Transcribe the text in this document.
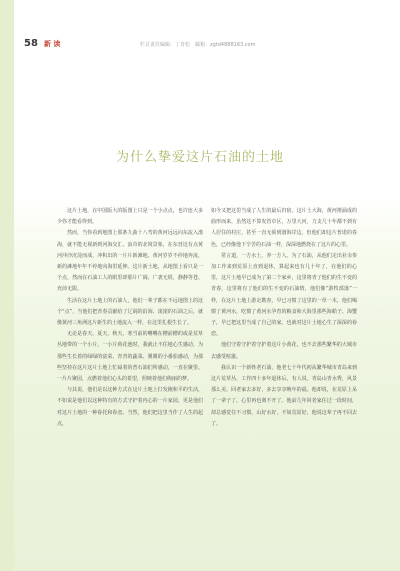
58 新 读	栏目责任编辑：丁青松　邮箱：zgtd4888163.com
为什么挚爱这片石油的土地

这片土地，在中国版大的版图上只是一个小点点，也许连大多少你才能看得到。

然而，当你看到地图上那条九曲十八弯的黄河远远向东流入渤海，就不能无视新到河海交汇、浪奇的北境景象，在东营这有点黄河冲沙沉淀而成，冲积出的一片片新滩地。黄河岁岁不停地奔流，新的滩地年年不停地向海里延伸。这片新土地，从地图上看只是一个点，然而在石油工人的眼里却那片广阔、广袤无垠，静静等苍、充沛无限。

生活在这片土地上的石油人，他们一辈子都在不远地图上的这个“点”，当他们把青春贡献给了辽阔的沿海、滚滚的石油之后，就像黄河三角洲这片新生的土地流入一样，在这里扎根生长了。

无论是春天、夏天、秋天、寒当前的嘴嘴在槽前槽的或是荒草丛地带的一个小片，一小片荷花池时，我就止不住地心生感动，为那些生长着的绿绿的富菜、青青的蔬菜、翼翼的小番茄感动，为那些坚持在这片这片土地上忙碌着的普石油们所感动，一直在聚里、一片片聚园，点燃着他们心头的希望，照映着他们绚丽的梦。

与其说，他们是以这种方式在这片土地上打发掩和平的生活，不如说是他们以这种特有的方式守护着内心的一片家园，更是他们对这片土地的一种眷托和眷恋。当然，他们把这里当作了人生的起点，

如今又把这里当成了人生的最后归宿。这片土大海，黄河推涌成的曲形而来，虽然这不算发管卓区，万里大河，力支几十年都不到有人居住的村庄，甚至一直无须到渤海岸边，但他们却这片普诺的春色，已经像他下辛苦的石油一样，深深地燃烧在了这片的心里。

常言道，一方水土，养一方人。为了石油，从他们走出业余参加工作来到荒原上直到退休，算起来也有几十年了，在他们的心里，这片土地早已成为了第二个家乡，这里将青了他们的生不变的青春，这里将有了他们的生不变的石油情，他们像“游牧部落”一样，在这片土地上游走勘查，早已习惯了这里的一草一木，他们喝惯了黄河水，吃惯了黄河水孕育的粮食和大海里那些海蛤子、海蟹子，早已把这里当成了自己的家，也就对这片土地心生了深深的眷恋。

他们守着守护着守护着这片小黄花，也不去那些繁华的大城市去感受喧嚣。

我认识一个新姓老石油，他老七十年代初从繁华城市青岛来到这片荒草丛，工作四十多年退休后，有人说，青岛山青水秀，风景那么美，回老家去多好，多去享享晚年的福。他却说，在荒原上呆了一辈子了，心里再也离不开了。他前几年回老家住过一段时间，却总感觉住不习惯，山好水好，不如荒原好，他说这辈子再不回去了。
